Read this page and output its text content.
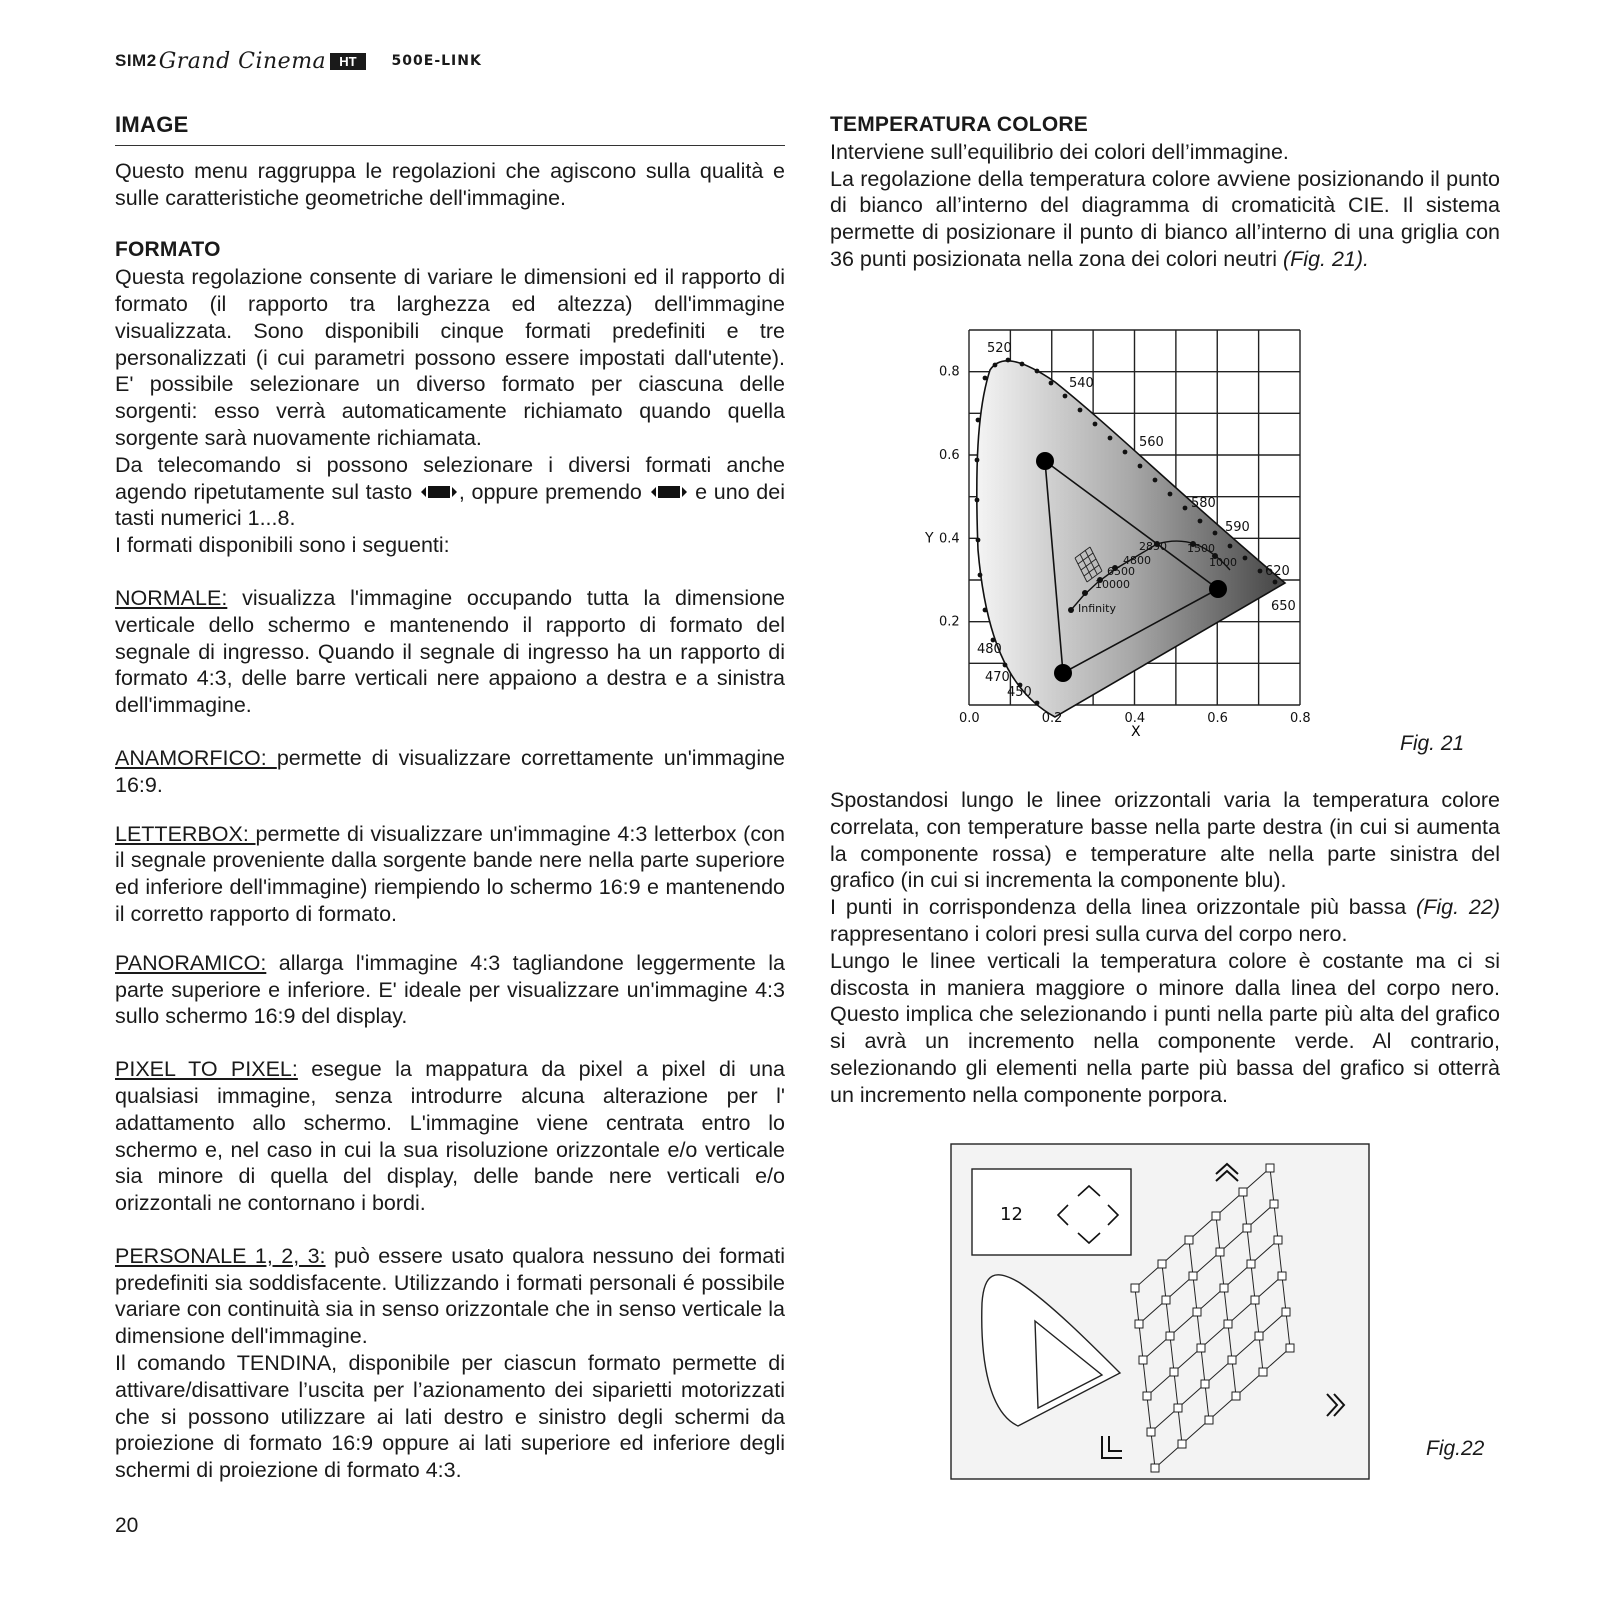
SIM2 Grand Cinema	HT	500E-LINK
IMAGE

Questo menu raggruppa le regolazioni che agiscono sulla qualità e sulle caratteristiche geometriche dell'immagine.

FORMATO

Questa regolazione consente di variare le dimensioni ed il rapporto di formato (il rapporto tra larghezza ed altezza) dell'immagine visualizzata. Sono disponibili cinque formati predefiniti e tre personalizzati (i cui parametri possono essere impostati dall'utente). E' possibile selezionare un diverso formato per ciascuna delle sorgenti: esso verrà automaticamente richiamato quando quella sorgente sarà nuovamente richiamata.

Da telecomando si possono selezionare i diversi formati anche agendo ripetutamente sul tasto , oppure premendo e uno dei tasti numerici 1...8.

I formati disponibili sono i seguenti:

NORMALE: visualizza l'immagine occupando tutta la dimensione verticale dello schermo e mantenendo il rapporto di formato del segnale di ingresso. Quando il segnale di ingresso ha un rapporto di formato 4:3, delle barre verticali nere appaiono a destra e a sinistra dell'immagine.

ANAMORFICO: permette di visualizzare correttamente un'immagine 16:9.

LETTERBOX: permette di visualizzare un'immagine 4:3 letterbox (con il segnale proveniente dalla sorgente bande nere nella parte superiore ed inferiore dell'immagine) riempiendo lo schermo 16:9 e mantenendo il corretto rapporto di formato.

PANORAMICO: allarga l'immagine 4:3 tagliandone leggermente la parte superiore e inferiore. E' ideale per visualizzare un'immagine 4:3 sullo schermo 16:9 del display.

PIXEL TO PIXEL: esegue la mappatura da pixel a pixel di una qualsiasi immagine, senza introdurre alcuna alterazione per l' adattamento allo schermo. L'immagine viene centrata entro lo schermo e, nel caso in cui la sua risoluzione orizzontale e/o verticale sia minore di quella del display, delle bande nere verticali e/o orizzontali ne contornano i bordi.

PERSONALE 1, 2, 3: può essere usato qualora nessuno dei formati predefiniti sia soddisfacente. Utilizzando i formati personali é possibile variare con continuità sia in senso orizzontale che in senso verticale la dimensione dell'immagine.

Il comando TENDINA, disponibile per ciascun formato permette di attivare/disattivare l’uscita per l’azionamento dei siparietti motorizzati che si possono utilizzare ai lati destro e sinistro degli schermi da proiezione di formato 16:9 oppure ai lati superiore ed inferiore degli schermi di proiezione di formato 4:3.

20

TEMPERATURA COLORE

Interviene sull’equilibrio dei colori dell’immagine.

La regolazione della temperatura colore avviene posizionando il punto di bianco all’interno del diagramma di cromaticità CIE. Il sistema permette di posizionare il punto di bianco all’interno di una griglia con 36 punti posizionata nella zona dei colori neutri (Fig. 21).

0.0	0.2	0.4	0.6	0.8
0.2
0.4
0.6
0.8
Y
520
540
560
580
590
620
650
480
470
450
2850 1500
1000
4800
6500
10000
Infinity
X	Fig. 21

Spostandosi lungo le linee orizzontali varia la temperatura colore correlata, con temperature basse nella parte destra (in cui si aumenta la componente rossa) e temperature alte nella parte sinistra del grafico (in cui si incrementa la componente blu).

I punti in corrispondenza della linea orizzontale più bassa (Fig. 22) rappresentano i colori presi sulla curva del corpo nero.

Lungo le linee verticali la temperatura colore è costante ma ci si discosta in maniera maggiore o minore dalla linea del corpo nero. Questo implica che selezionando i punti nella parte più alta del grafico si avrà un incremento nella componente verde. Al contrario, selezionando gli elementi nella parte più bassa del grafico si otterrà un incremento nella componente porpora.

12
Fig.22
